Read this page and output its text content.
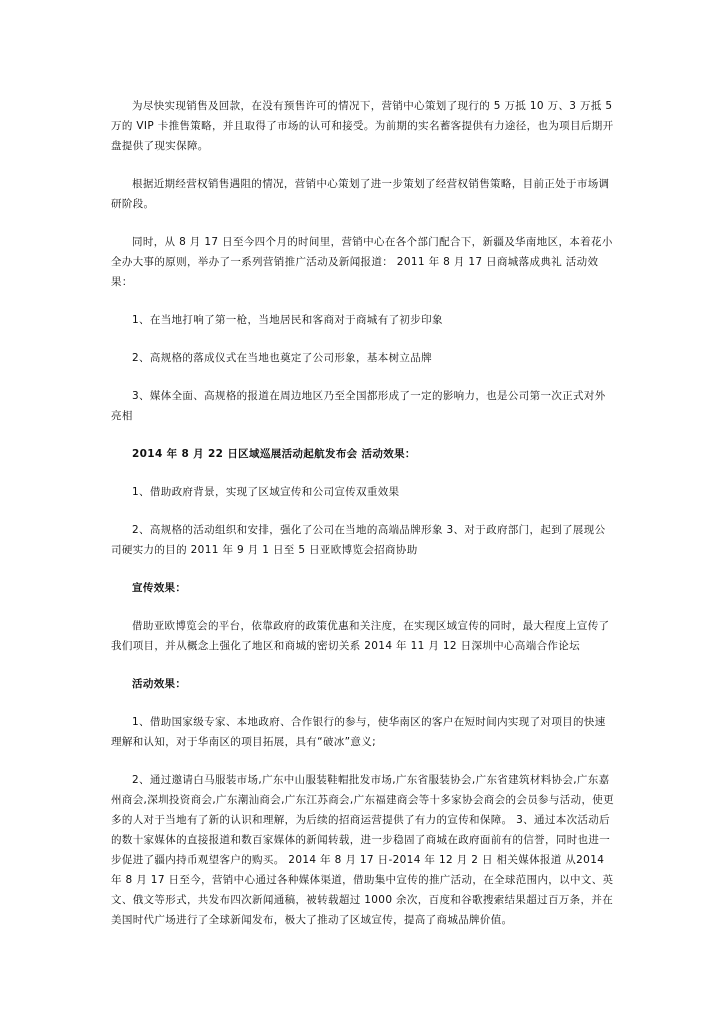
为尽快实现销售及回款，在没有预售许可的情况下，营销中心策划了现行的 5 万抵 10 万、3 万抵 5 万的 VIP 卡推售策略，并且取得了市场的认可和接受。为前期的实名蓄客提供有力途径，也为项目后期开盘提供了现实保障。

根据近期经营权销售遇阻的情况，营销中心策划了进一步策划了经营权销售策略，目前正处于市场调研阶段。

同时，从 8 月 17 日至今四个月的时间里，营销中心在各个部门配合下，新疆及华南地区，本着花小全办大事的原则，举办了一系列营销推广活动及新闻报道： 2011 年 8 月 17 日商城落成典礼 活动效果：

1、在当地打响了第一枪，当地居民和客商对于商城有了初步印象

2、高规格的落成仪式在当地也奠定了公司形象，基本树立品牌

3、媒体全面、高规格的报道在周边地区乃至全国都形成了一定的影响力，也是公司第一次正式对外亮相

2014 年 8 月 22 日区域巡展活动起航发布会 活动效果：

1、借助政府背景，实现了区域宣传和公司宣传双重效果

2、高规格的活动组织和安排，强化了公司在当地的高端品牌形象 3、对于政府部门，起到了展现公司硬实力的目的 2011 年 9 月 1 日至 5 日亚欧博览会招商协助

宣传效果：

借助亚欧博览会的平台，依靠政府的政策优惠和关注度，在实现区域宣传的同时，最大程度上宣传了我们项目，并从概念上强化了地区和商城的密切关系 2014 年 11 月 12 日深圳中心高端合作论坛

活动效果：

1、借助国家级专家、本地政府、合作银行的参与，使华南区的客户在短时间内实现了对项目的快速理解和认知，对于华南区的项目拓展，具有“破冰”意义;

2、通过邀请白马服装市场,广东中山服装鞋帽批发市场,广东省服装协会,广东省建筑材料协会,广东嘉州商会,深圳投资商会,广东潮汕商会,广东江苏商会,广东福建商会等十多家协会商会的会员参与活动，使更多的人对于当地有了新的认识和理解，为后续的招商运营提供了有力的宣传和保障。 3、通过本次活动后的数十家媒体的直接报道和数百家媒体的新闻转载，进一步稳固了商城在政府面前有的信誉，同时也进一步促进了疆内持币观望客户的购买。 2014 年 8 月 17 日-2014 年 12 月 2 日 相关媒体报道 从2014 年 8 月 17 日至今，营销中心通过各种媒体渠道，借助集中宣传的推广活动，在全球范围内，以中文、英文、俄文等形式，共发布四次新闻通稿，被转载超过 1000 余次，百度和谷歌搜索结果超过百万条，并在美国时代广场进行了全球新闻发布，极大了推动了区域宣传，提高了商城品牌价值。
